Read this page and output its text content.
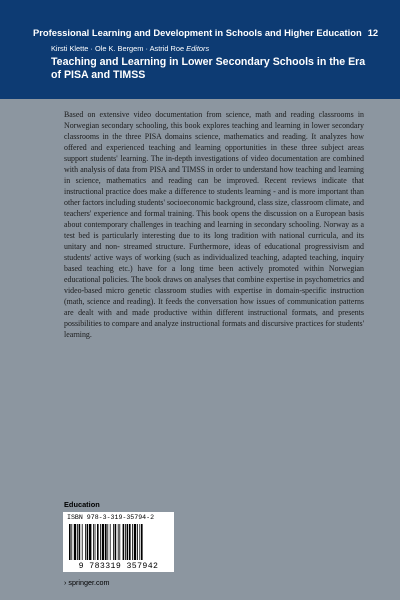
Professional Learning and Development in Schools and Higher Education 12
Kirsti Klette · Ole K. Bergem · Astrid Roe Editors
Teaching and Learning in Lower Secondary Schools in the Era of PISA and TIMSS
Based on extensive video documentation from science, math and reading classrooms in Norwegian secondary schooling, this book explores teaching and learning in lower secondary classrooms in the three PISA domains science, mathematics and reading. It analyzes how offered and experienced teaching and learning opportunities in these three subject areas support students' learning. The in-depth investigations of video documentation are combined with analysis of data from PISA and TIMSS in order to understand how teaching and learning in science, mathematics and reading can be improved. Recent reviews indicate that instructional practice does make a difference to students learning - and is more important than other factors including students' socioeconomic background, class size, classroom climate, and teachers' experience and formal training. This book opens the discussion on a European basis about contemporary challenges in teaching and learning in secondary schooling. Norway as a test bed is particularly interesting due to its long tradition with national curricula, and its unitary and non- streamed structure. Furthermore, ideas of educational progressivism and students' active ways of working (such as individualized teaching, adapted teaching, inquiry based teaching etc.) have for a long time been actively promoted within Norwegian educational policies. The book draws on analyses that combine expertise in psychometrics and video-based micro genetic classroom studies with expertise in domain-specific instruction (math, science and reading). It feeds the conversation how issues of communication patterns are dealt with and made productive within different instructional formats, and presents possibilities to compare and analyze instructional formats and discursive practices for students' learning.
Education
ISBN 978-3-319-35794-2
9 783319 357942
› springer.com
